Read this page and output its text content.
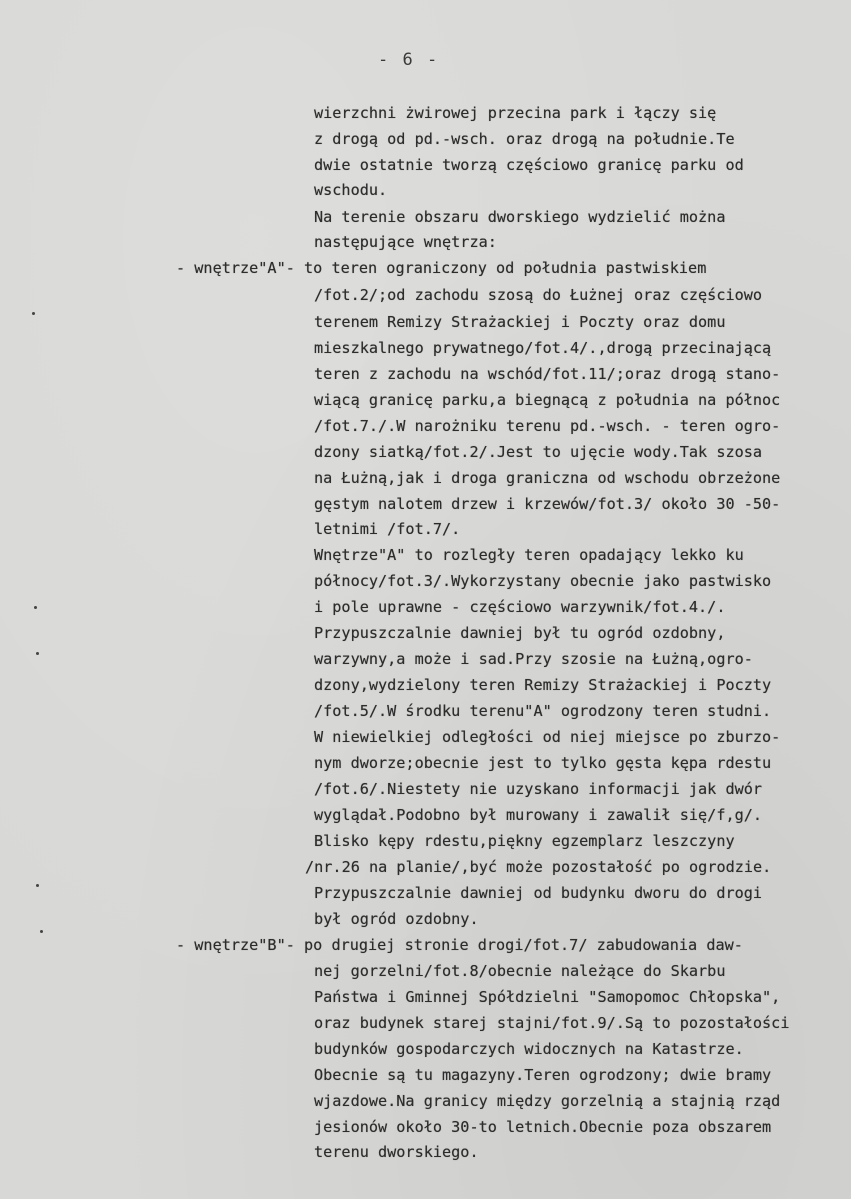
- 6 -
wierzchni żwirowej przecina park i łączy się
z drogą od pd.-wsch. oraz drogą na południe.Te
dwie ostatnie tworzą częściowo granicę parku od
wschodu.
Na terenie obszaru dworskiego wydzielić można
następujące wnętrza:
- wnętrze"A"- to teren ograniczony od południa pastwiskiem
/fot.2/;od zachodu szosą do Łużnej oraz częściowo
terenem Remizy Strażackiej i Poczty oraz domu
mieszkalnego prywatnego/fot.4/.,drogą przecinającą
teren z zachodu na wschód/fot.11/;oraz drogą stano-
wiącą granicę parku,a biegnącą z południa na północ
/fot.7./.W narożniku terenu pd.-wsch. - teren ogro-
dzony siatką/fot.2/.Jest to ujęcie wody.Tak szosa
na Łużną,jak i droga graniczna od wschodu obrzeżone
gęstym nalotem drzew i krzewów/fot.3/ około 30 -50-
letnimi /fot.7/.
Wnętrze"A" to rozległy teren opadający lekko ku
północy/fot.3/.Wykorzystany obecnie jako pastwisko
i pole uprawne - częściowo warzywnik/fot.4./.
Przypuszczalnie dawniej był tu ogród ozdobny,
warzywny,a może i sad.Przy szosie na Łużną,ogro-
dzony,wydzielony teren Remizy Strażackiej i Poczty
/fot.5/.W środku terenu"A" ogrodzony teren studni.
W niewielkiej odległości od niej miejsce po zburzo-
nym dworze;obecnie jest to tylko gęsta kępa rdestu
/fot.6/.Niestety nie uzyskano informacji jak dwór
wyglądał.Podobno był murowany i zawalił się/f,g/.
Blisko kępy rdestu,piękny egzemplarz leszczyny
/nr.26 na planie/,być może pozostałość po ogrodzie.
Przypuszczalnie dawniej od budynku dworu do drogi
był ogród ozdobny.
- wnętrze"B"- po drugiej stronie drogi/fot.7/ zabudowania daw-
nej gorzelni/fot.8/obecnie należące do Skarbu
Państwa i Gminnej Spółdzielni "Samopomoc Chłopska",
oraz budynek starej stajni/fot.9/.Są to pozostałości
budynków gospodarczych widocznych na Katastrze.
Obecnie są tu magazyny.Teren ogrodzony; dwie bramy
wjazdowe.Na granicy między gorzelnią a stajnią rząd
jesionów około 30-to letnich.Obecnie poza obszarem
terenu dworskiego.
